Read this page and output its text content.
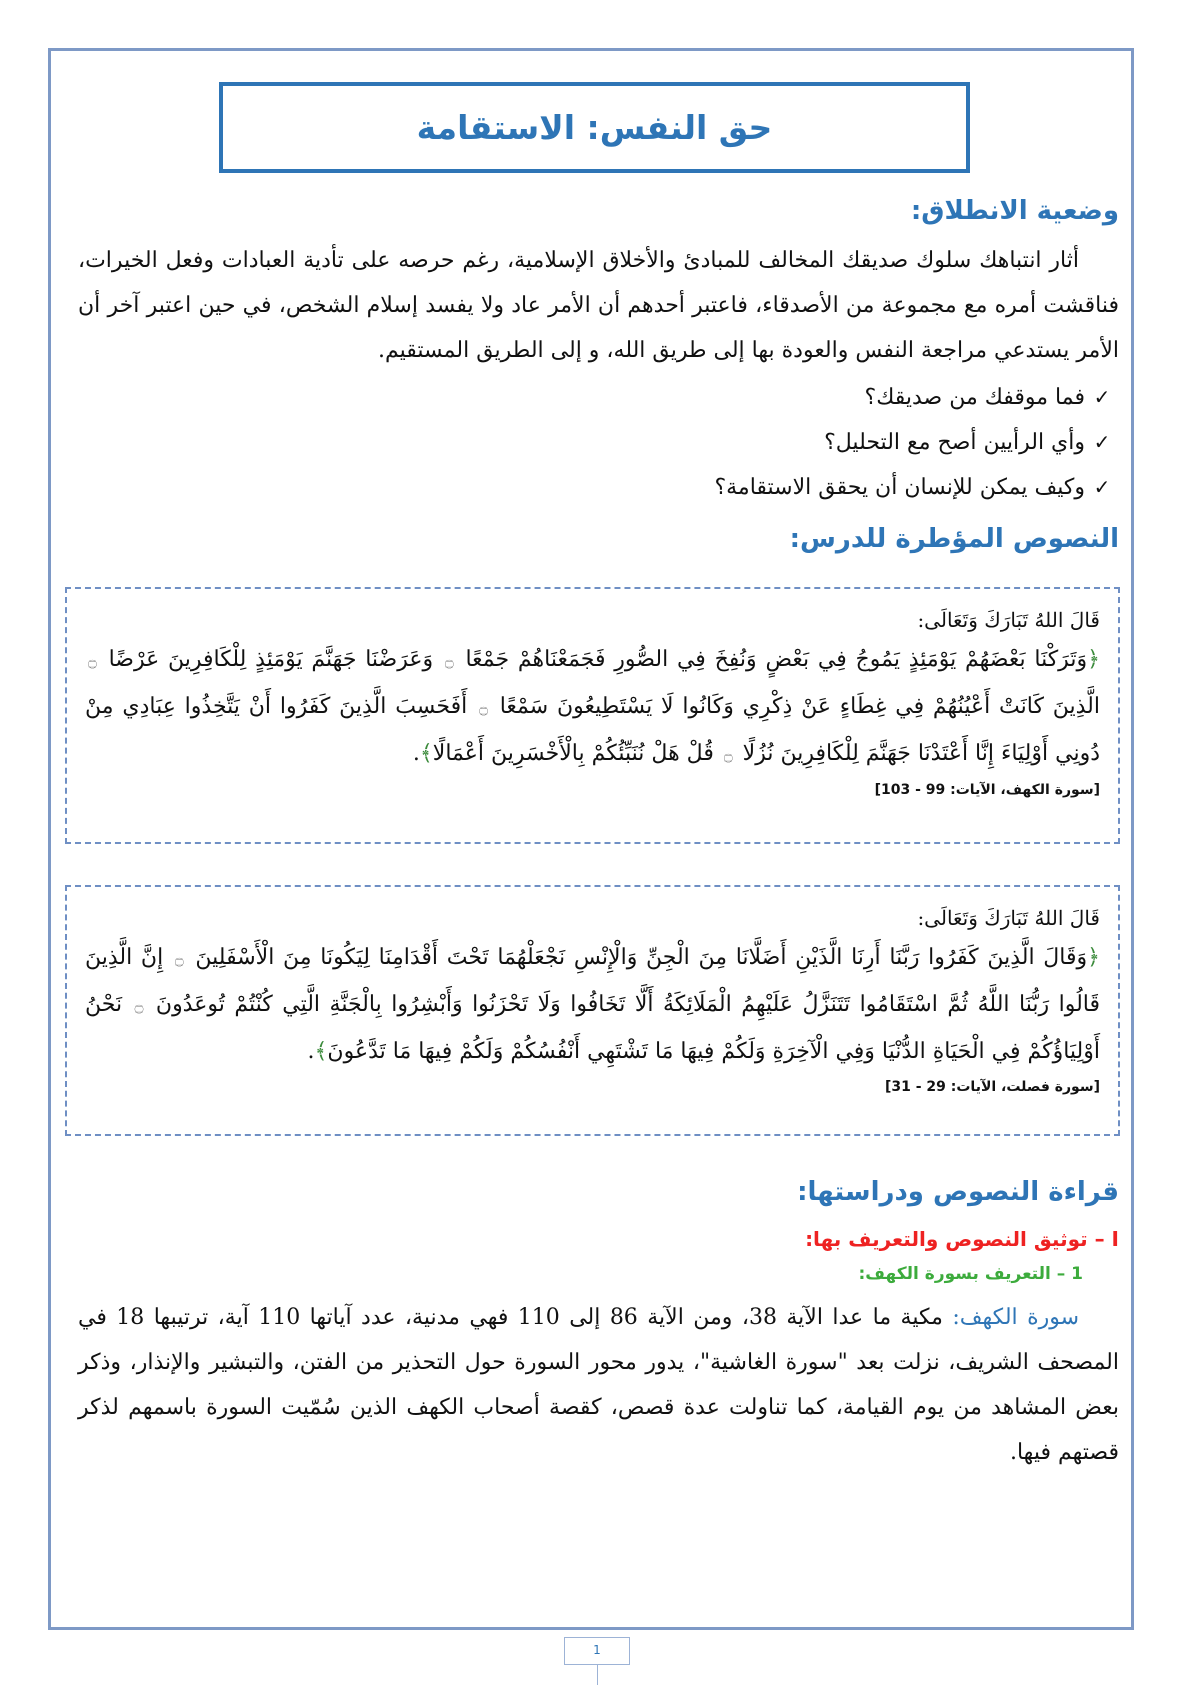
حق النفس: الاستقامة
وضعية الانطلاق:

أثار انتباهك سلوك صديقك المخالف للمبادئ والأخلاق الإسلامية، رغم حرصه على تأدية العبادات وفعل الخيرات، فناقشت أمره مع مجموعة من الأصدقاء، فاعتبر أحدهم أن الأمر عاد ولا يفسد إسلام الشخص، في حين اعتبر آخر أن الأمر يستدعي مراجعة النفس والعودة بها إلى طريق الله، و إلى الطريق المستقيم.

✓فما موقفك من صديقك؟
✓وأي الرأيين أصح مع التحليل؟
✓وكيف يمكن للإنسان أن يحقق الاستقامة؟
النصوص المؤطرة للدرس:

قَالَ اللهُ تَبَارَكَ وَتَعَالَى:

﴿وَتَرَكْنَا بَعْضَهُمْ يَوْمَئِذٍ يَمُوجُ فِي بَعْضٍ وَنُفِخَ فِي الصُّورِ فَجَمَعْنَاهُمْ جَمْعًا ۝ وَعَرَضْنَا جَهَنَّمَ يَوْمَئِذٍ لِلْكَافِرِينَ عَرْضًا ۝ الَّذِينَ كَانَتْ أَعْيُنُهُمْ فِي غِطَاءٍ عَنْ ذِكْرِي وَكَانُوا لَا يَسْتَطِيعُونَ سَمْعًا ۝ أَفَحَسِبَ الَّذِينَ كَفَرُوا أَنْ يَتَّخِذُوا عِبَادِي مِنْ دُونِي أَوْلِيَاءَ إِنَّا أَعْتَدْنَا جَهَنَّمَ لِلْكَافِرِينَ نُزُلًا ۝ قُلْ هَلْ نُنَبِّئُكُمْ بِالْأَخْسَرِينَ أَعْمَالًا﴾.

[سورة الكهف، الآيات: 99 - 103]

قَالَ اللهُ تَبَارَكَ وَتَعَالَى:

﴿وَقَالَ الَّذِينَ كَفَرُوا رَبَّنَا أَرِنَا الَّذَيْنِ أَضَلَّانَا مِنَ الْجِنِّ وَالْإِنْسِ نَجْعَلْهُمَا تَحْتَ أَقْدَامِنَا لِيَكُونَا مِنَ الْأَسْفَلِينَ ۝ إِنَّ الَّذِينَ قَالُوا رَبُّنَا اللَّهُ ثُمَّ اسْتَقَامُوا تَتَنَزَّلُ عَلَيْهِمُ الْمَلَائِكَةُ أَلَّا تَخَافُوا وَلَا تَحْزَنُوا وَأَبْشِرُوا بِالْجَنَّةِ الَّتِي كُنْتُمْ تُوعَدُونَ ۝ نَحْنُ أَوْلِيَاؤُكُمْ فِي الْحَيَاةِ الدُّنْيَا وَفِي الْآخِرَةِ وَلَكُمْ فِيهَا مَا تَشْتَهِي أَنْفُسُكُمْ وَلَكُمْ فِيهَا مَا تَدَّعُونَ﴾.

[سورة فصلت، الآيات: 29 - 31]
قراءة النصوص ودراستها:
I – توثيق النصوص والتعريف بها:
1 – التعريف بسورة الكهف:

سورة الكهف: مكية ما عدا الآية 38، ومن الآية 86 إلى 110 فهي مدنية، عدد آياتها 110 آية، ترتيبها 18 في المصحف الشريف، نزلت بعد "سورة الغاشية"، يدور محور السورة حول التحذير من الفتن، والتبشير والإنذار، وذكر بعض المشاهد من يوم القيامة، كما تناولت عدة قصص، كقصة أصحاب الكهف الذين سُمّيت السورة باسمهم لذكر قصتهم فيها.

1
